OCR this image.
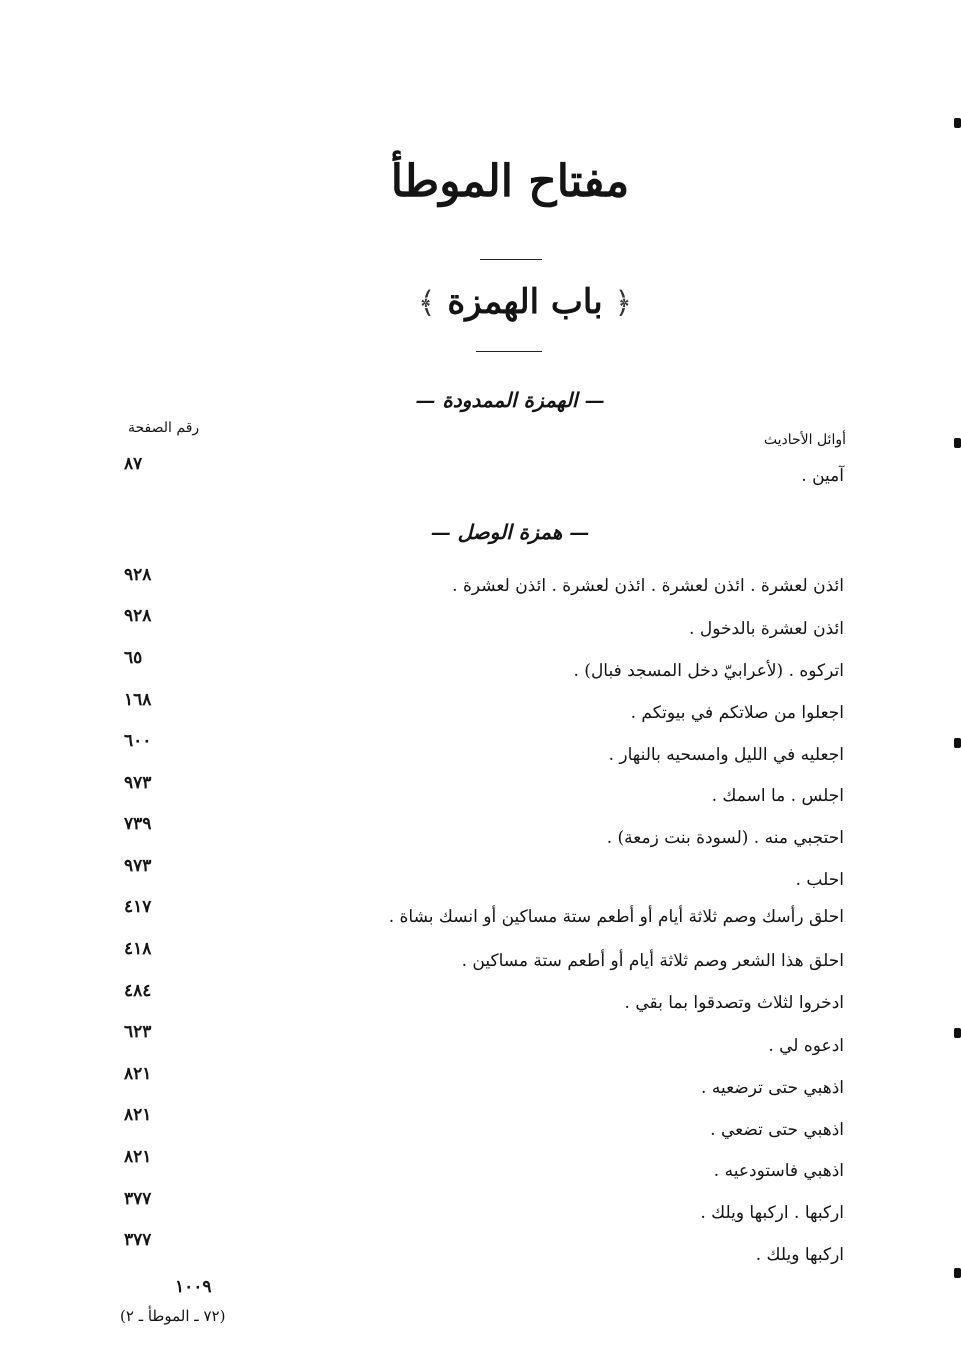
مفتاح الموطأ
﴿ باب الهمزة ﴾
— الهمزة الممدودة —
أوائل الأحاديث
رقم الصفحة
آمين .
٨٧
— همزة الوصل —
ائذن لعشرة . ائذن لعشرة . ائذن لعشرة . ائذن لعشرة .
٩٢٨
ائذن لعشرة بالدخول .
٩٢٨
اتركوه . (لأعرابيّ دخل المسجد فبال) .
٦٥
اجعلوا من صلاتكم في بيوتكم .
١٦٨
اجعليه في الليل وامسحيه بالنهار .
٦٠٠
اجلس . ما اسمك .
٩٧٣
احتجبي منه . (لسودة بنت زمعة) .
٧٣٩
احلب .
٩٧٣
احلق رأسك وصم ثلاثة أيام أو أطعم ستة مساكين أو انسك بشاة .
٤١٧
احلق هذا الشعر وصم ثلاثة أيام أو أطعم ستة مساكين .
٤١٨
ادخروا لثلاث وتصدقوا بما بقي .
٤٨٤
ادعوه لي .
٦٢٣
اذهبي حتى ترضعيه .
٨٢١
اذهبي حتى تضعي .
٨٢١
اذهبي فاستودعيه .
٨٢١
اركبها . اركبها ويلك .
٣٧٧
اركبها ويلك .
٣٧٧
١٠٠٩
(٧٢ ـ الموطأ ـ ٢)
